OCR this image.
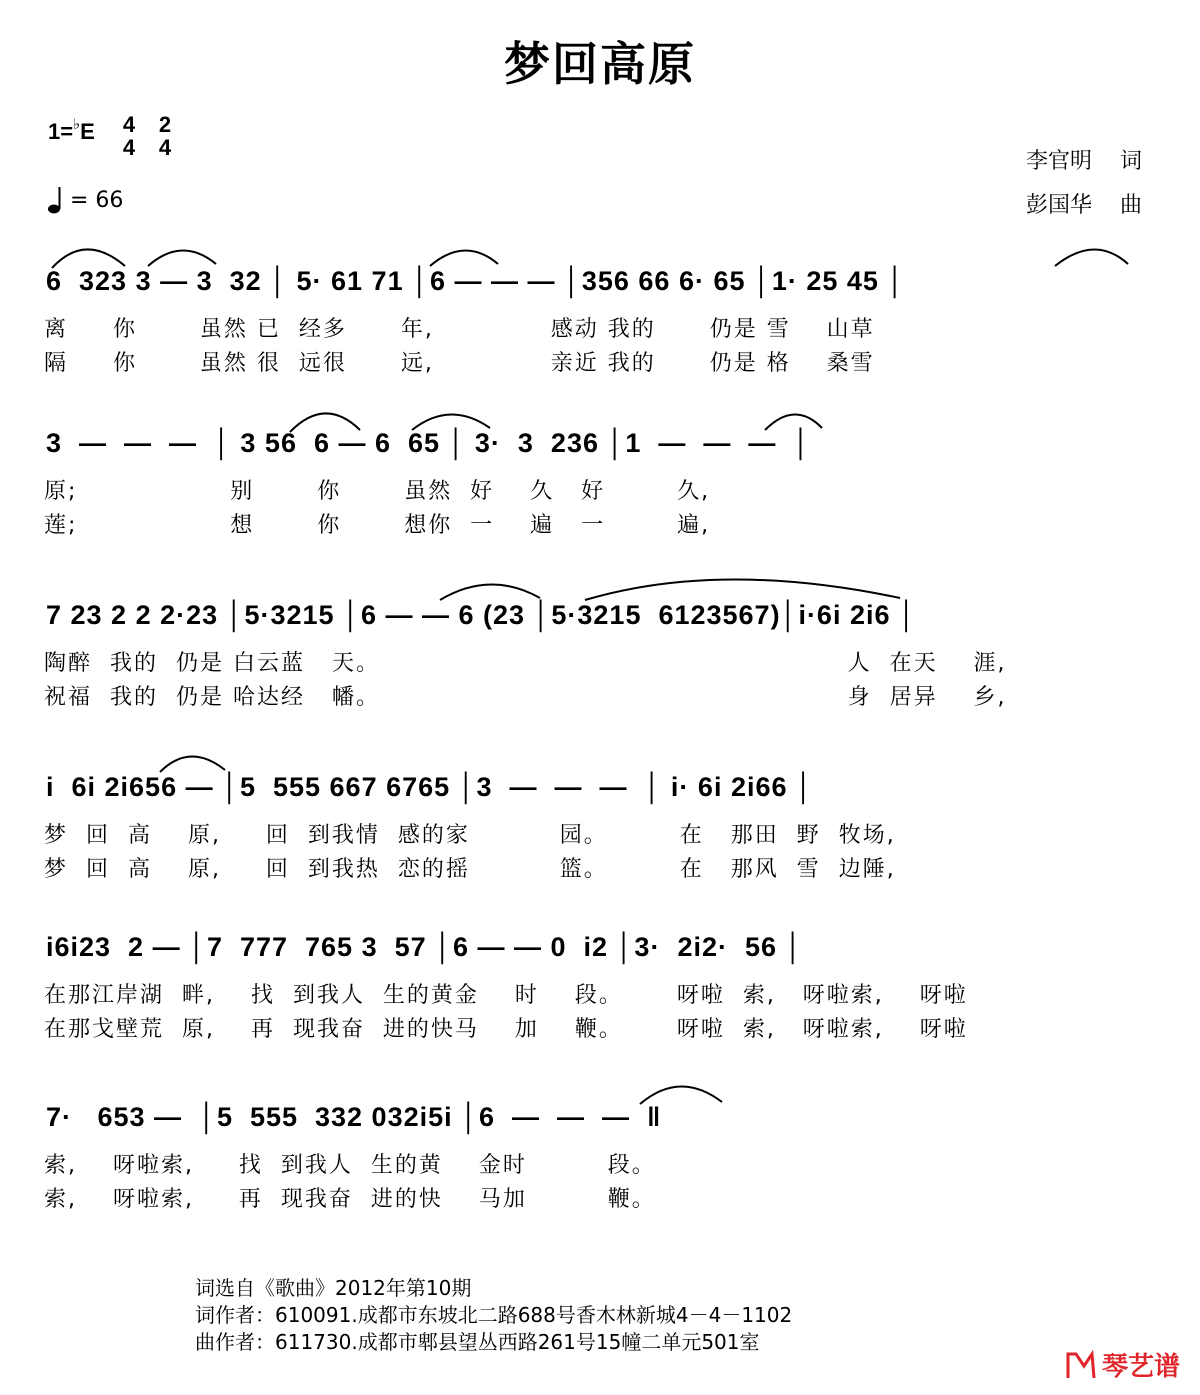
梦回高原
1=♭E	4
4
2
4
= 66
李官明 词
彭国华 曲
6  323 3 — 3  32 │ 5· 61 71 │6 — — — │356 66 6· 65 │1· 25 45 │
离     你       虽然 已  经多      年,             感动 我的      仍是 雪    山草
隔     你       虽然 很  远很      远,             亲近 我的      仍是 格    桑雪
3  —  —  —  │ 3 56  6 — 6  65 │ 3·  3  236 │1  —  —  —  │
原;                 别       你       虽然  好    久   好        久,
莲;                 想       你       想你  一    遍   一        遍,
7 23 2 2 2·23 │5·3215 │6 — — 6 (23 │5·3215  6123567)│i·6i 2i6 │
陶醉  我的  仍是 白云蓝   天。                                                    人  在天    涯,
祝福  我的  仍是 哈达经   幡。                                                    身  居异    乡,
i  6i 2i656 — │5  555 667 6765 │3  —  —  —  │ i· 6i 2i66 │
梦  回  高    原,     回  到我情  感的家          园。        在   那田  野  牧场,
梦  回  高    原,     回  到我热  恋的摇          篮。        在   那风  雪  边陲,
i6i23  2 — │7  777  765 3  57 │6 — — 0  i2 │3·  2i2·  56 │
在那江岸湖  畔,    找  到我人  生的黄金    时    段。      呀啦  索,   呀啦索,    呀啦
在那戈壁荒  原,    再  现我奋  进的快马    加    鞭。      呀啦  索,   呀啦索,    呀啦
7·   653 —  │5  555  332 032i5i │6  —  —  —  ‖
索,    呀啦索,     找  到我人  生的黄    金时         段。
索,    呀啦索,     再  现我奋  进的快    马加         鞭。
词选自《歌曲》2012年第10期
词作者：610091.成都市东坡北二路688号香木林新城4－4－1102
曲作者：611730.成都市郫县望丛西路261号15幢二单元501室
琴艺谱
